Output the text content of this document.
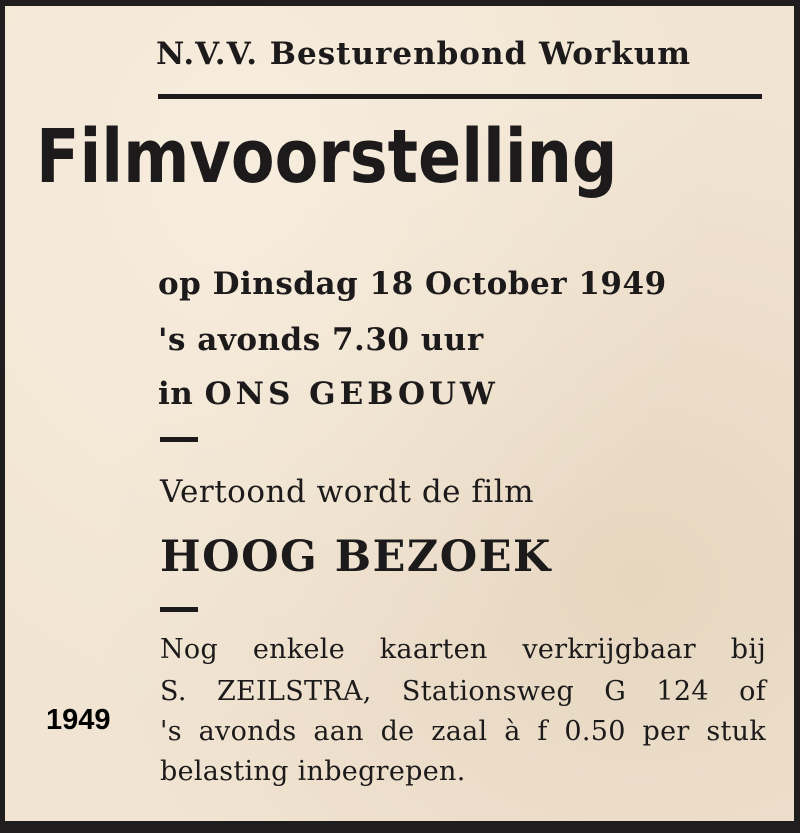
N.V.V. Besturenbond Workum
Filmvoorstelling
op Dinsdag 18 October 1949
's avonds 7.30 uur
in ONS GEBOUW
Vertoond wordt de film
HOOG BEZOEK
Nog enkele kaarten verkrijgbaar bij
S. ZEILSTRA, Stationsweg G 124 of
's avonds aan de zaal à f 0.50 per stuk
belasting inbegrepen.
1949
